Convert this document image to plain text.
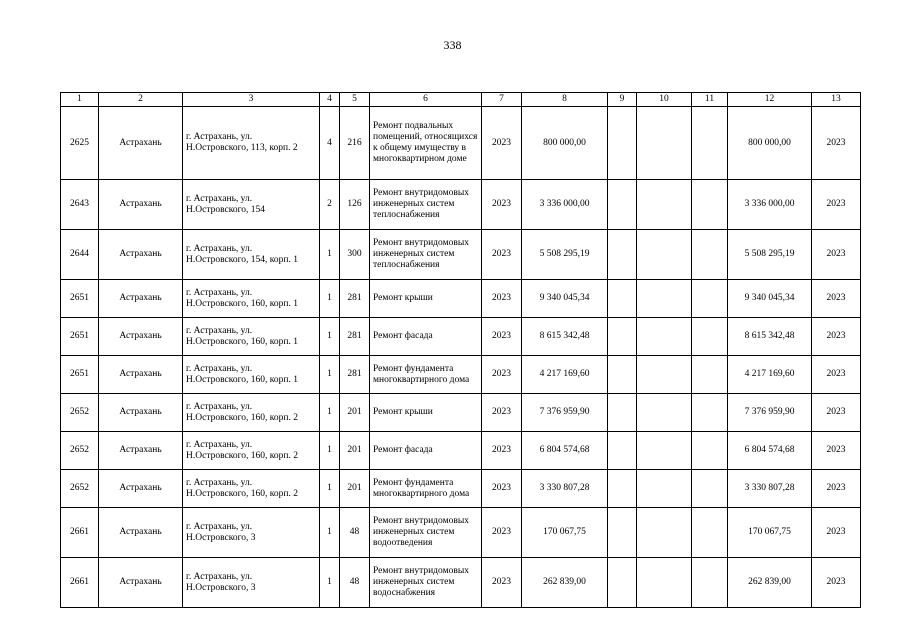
338
1	2	3	4	5	6	7	8	9	10	11	12	13
2625	Астрахань	г. Астрахань, ул. Н.Островского, 113, корп. 2	4	216	Ремонт подвальных помещений, относящихся к общему имуществу в многоквартирном доме	2023	800 000,00				800 000,00	2023
2643	Астрахань	г. Астрахань, ул. Н.Островского, 154	2	126	Ремонт внутридомовых инженерных систем теплоснабжения	2023	3 336 000,00				3 336 000,00	2023
2644	Астрахань	г. Астрахань, ул. Н.Островского, 154, корп. 1	1	300	Ремонт внутридомовых инженерных систем теплоснабжения	2023	5 508 295,19				5 508 295,19	2023
2651	Астрахань	г. Астрахань, ул. Н.Островского, 160, корп. 1	1	281	Ремонт крыши	2023	9 340 045,34				9 340 045,34	2023
2651	Астрахань	г. Астрахань, ул. Н.Островского, 160, корп. 1	1	281	Ремонт фасада	2023	8 615 342,48				8 615 342,48	2023
2651	Астрахань	г. Астрахань, ул. Н.Островского, 160, корп. 1	1	281	Ремонт фундамента многоквартирного дома	2023	4 217 169,60				4 217 169,60	2023
2652	Астрахань	г. Астрахань, ул. Н.Островского, 160, корп. 2	1	201	Ремонт крыши	2023	7 376 959,90				7 376 959,90	2023
2652	Астрахань	г. Астрахань, ул. Н.Островского, 160, корп. 2	1	201	Ремонт фасада	2023	6 804 574,68				6 804 574,68	2023
2652	Астрахань	г. Астрахань, ул. Н.Островского, 160, корп. 2	1	201	Ремонт фундамента многоквартирного дома	2023	3 330 807,28				3 330 807,28	2023
2661	Астрахань	г. Астрахань, ул. Н.Островского, 3	1	48	Ремонт внутридомовых инженерных систем водоотведения	2023	170 067,75				170 067,75	2023
2661	Астрахань	г. Астрахань, ул. Н.Островского, 3	1	48	Ремонт внутридомовых инженерных систем водоснабжения	2023	262 839,00				262 839,00	2023
